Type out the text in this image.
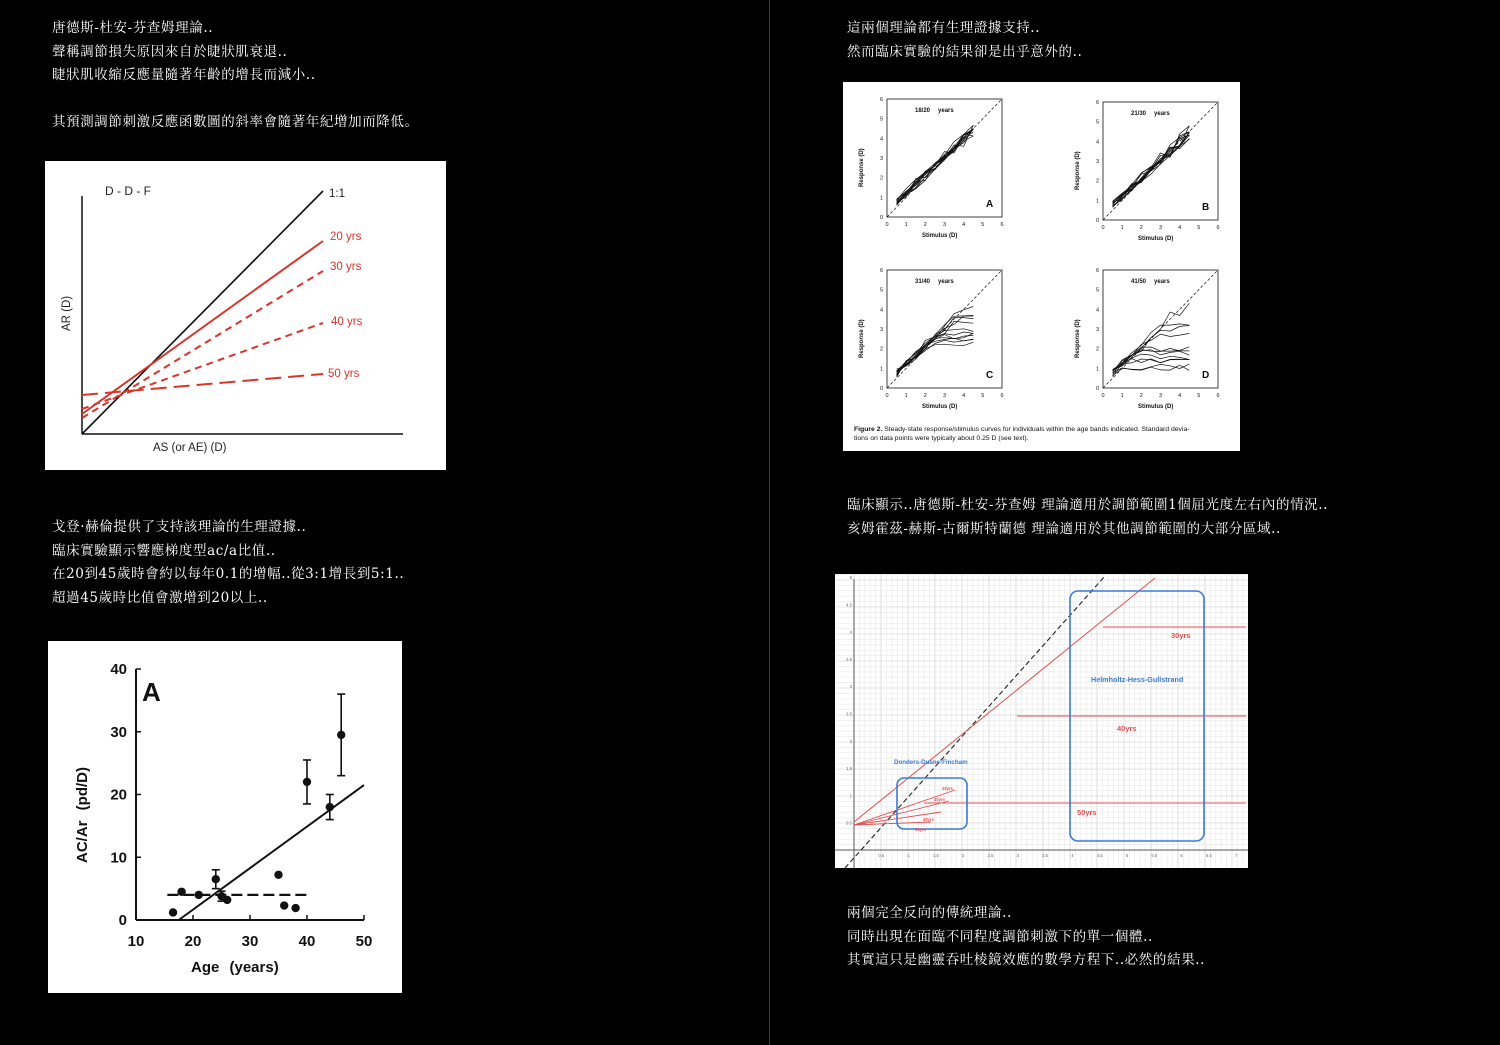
唐德斯-杜安-芬查姆理論..
聲稱調節損失原因來自於睫狀肌衰退..
睫狀肌收縮反應量隨著年齡的增長而減小..

其預測調節刺激反應函數圖的斜率會隨著年紀增加而降低。
D - D - F	1:1
20 yrs
30 yrs
40 yrs
50 yrs
AS (or AE) (D)
AR (D)
戈登·赫倫提供了支持該理論的生理證據..
臨床實驗顯示響應梯度型ac/a比值..
在20到45歲時會約以每年0.1的增幅..從3:1增長到5:1..
超過45歲時比值會激增到20以上..
10	20	30	40	50
0
10
20
30
40
A
Age (years)
AC/Ar (pd/D)
這兩個理論都有生理證據支持..
然而臨床實驗的結果卻是出乎意外的..
0
0
1
1
2
2
3
3
4
4
5
5
6
6
18/20 years
A
Stimulus (D)
Response (D)
0
0
1
1
2
2
3
3
4
4
5
5
6
6
21/30 years
B
Stimulus (D)
Response (D)
0
0
1
1
2
2
3
3
4
4
5
5
6
6
31/40 years
C
Stimulus (D)
Response (D)
0
0
1
1
2
2
3
3
4
4
5
5
6
6
41/50 years
D
Stimulus (D)
Response (D)
Figure 2. Steady-state response/stimulus curves for individuals within the age bands indicated. Standard devia-
tions on data points were typically about 0.25 D (see text).
臨床顯示..唐德斯-杜安-芬查姆 理論適用於調節範圍1個屈光度左右內的情況..
亥姆霍茲-赫斯-古爾斯特蘭德 理論適用於其他調節範圍的大部分區域..
0.5
1
1.5
2
2.5
3
3.5
4
4.5
5
0.5	1	1.5	2	2.5	3	3.5	4	4.5	5	5.5	6	6.5	7
Donders-Duane-Fincham
Helmholtz-Hess-Gullstrand
30yrs
40yrs
50yrs
20yrs
30yrs
40yrs
50yrs
兩個完全反向的傳統理論..
同時出現在面臨不同程度調節刺激下的單一個體..
其實這只是幽靈吞吐棱鏡效應的數學方程下..必然的結果..
